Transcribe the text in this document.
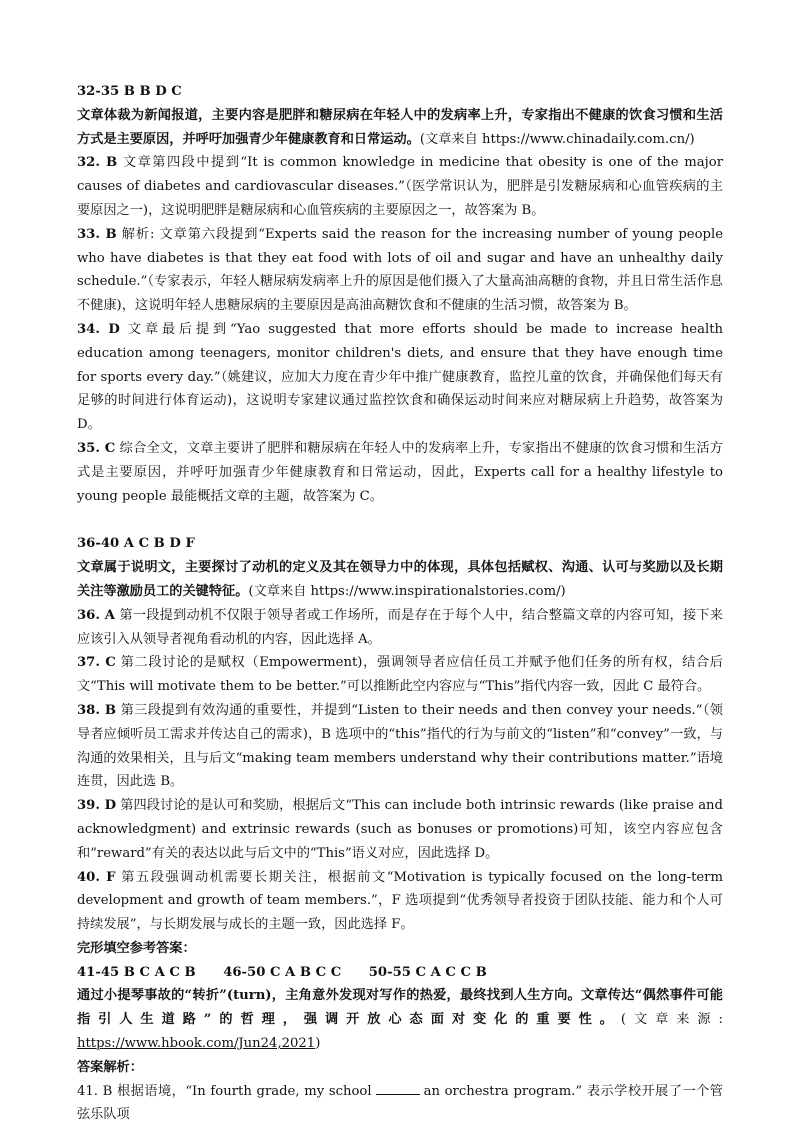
32-35 B B D C

文章体裁为新闻报道，主要内容是肥胖和糖尿病在年轻人中的发病率上升，专家指出不健康的饮食习惯和生活方式是主要原因，并呼吁加强青少年健康教育和日常运动。(文章来自 https://www.chinadaily.com.cn/)

32. B 文章第四段中提到“It is common knowledge in medicine that obesity is one of the major causes of diabetes and cardiovascular diseases.”（医学常识认为，肥胖是引发糖尿病和心血管疾病的主要原因之一)，这说明肥胖是糖尿病和心血管疾病的主要原因之一，故答案为 B。

33. B 解析: 文章第六段提到“Experts said the reason for the increasing number of young people who have diabetes is that they eat food with lots of oil and sugar and have an unhealthy daily schedule.”（专家表示，年轻人糖尿病发病率上升的原因是他们摄入了大量高油高糖的食物，并且日常生活作息不健康)，这说明年轻人患糖尿病的主要原因是高油高糖饮食和不健康的生活习惯，故答案为 B。

34. D 文章最后提到“Yao suggested that more efforts should be made to increase health education among teenagers, monitor children's diets, and ensure that they have enough time for sports every day.”（姚建议，应加大力度在青少年中推广健康教育，监控儿童的饮食，并确保他们每天有足够的时间进行体育运动)，这说明专家建议通过监控饮食和确保运动时间来应对糖尿病上升趋势，故答案为 D。

35. C 综合全文，文章主要讲了肥胖和糖尿病在年轻人中的发病率上升，专家指出不健康的饮食习惯和生活方式是主要原因，并呼吁加强青少年健康教育和日常运动，因此，Experts call for a healthy lifestyle to young people 最能概括文章的主题，故答案为 C。

36-40 A C B D F

文章属于说明文，主要探讨了动机的定义及其在领导力中的体现，具体包括赋权、沟通、认可与奖励以及长期关注等激励员工的关键特征。(文章来自 https://www.inspirationalstories.com/)

36. A 第一段提到动机不仅限于领导者或工作场所，而是存在于每个人中，结合整篇文章的内容可知，接下来应该引入从领导者视角看动机的内容，因此选择 A。

37. C 第二段讨论的是赋权（Empowerment)，强调领导者应信任员工并赋予他们任务的所有权，结合后文“This will motivate them to be better.”可以推断此空内容应与“This”指代内容一致，因此 C 最符合。

38. B 第三段提到有效沟通的重要性，并提到“Listen to their needs and then convey your needs.”（领导者应倾听员工需求并传达自己的需求)，B 选项中的“this”指代的行为与前文的“listen”和“convey”一致，与沟通的效果相关，且与后文“making team members understand why their contributions matter.”语境连贯，因此选 B。

39. D 第四段讨论的是认可和奖励，根据后文“This can include both intrinsic rewards (like praise and acknowledgment) and extrinsic rewards (such as bonuses or promotions)可知，该空内容应包含和“reward”有关的表达以此与后文中的“This”语义对应，因此选择 D。

40. F 第五段强调动机需要长期关注，根据前文“Motivation is typically focused on the long-term development and growth of team members.”，F 选项提到“优秀领导者投资于团队技能、能力和个人可持续发展”，与长期发展与成长的主题一致，因此选择 F。

完形填空参考答案：

41-45 B C A C B      46-50 C A B C C      50-55 C A C C B

通过小提琴事故的“转折”(turn)，主角意外发现对写作的热爱，最终找到人生方向。文章传达“偶然事件可能指引人生道路”的哲理，强调开放心态面对变化的重要性。(文章来源: https://www.hbook.com/Jun24,2021)

答案解析：

41. B 根据语境，“In fourth grade, my school	an orchestra program.” 表示学校开展了一个管弦乐队项
